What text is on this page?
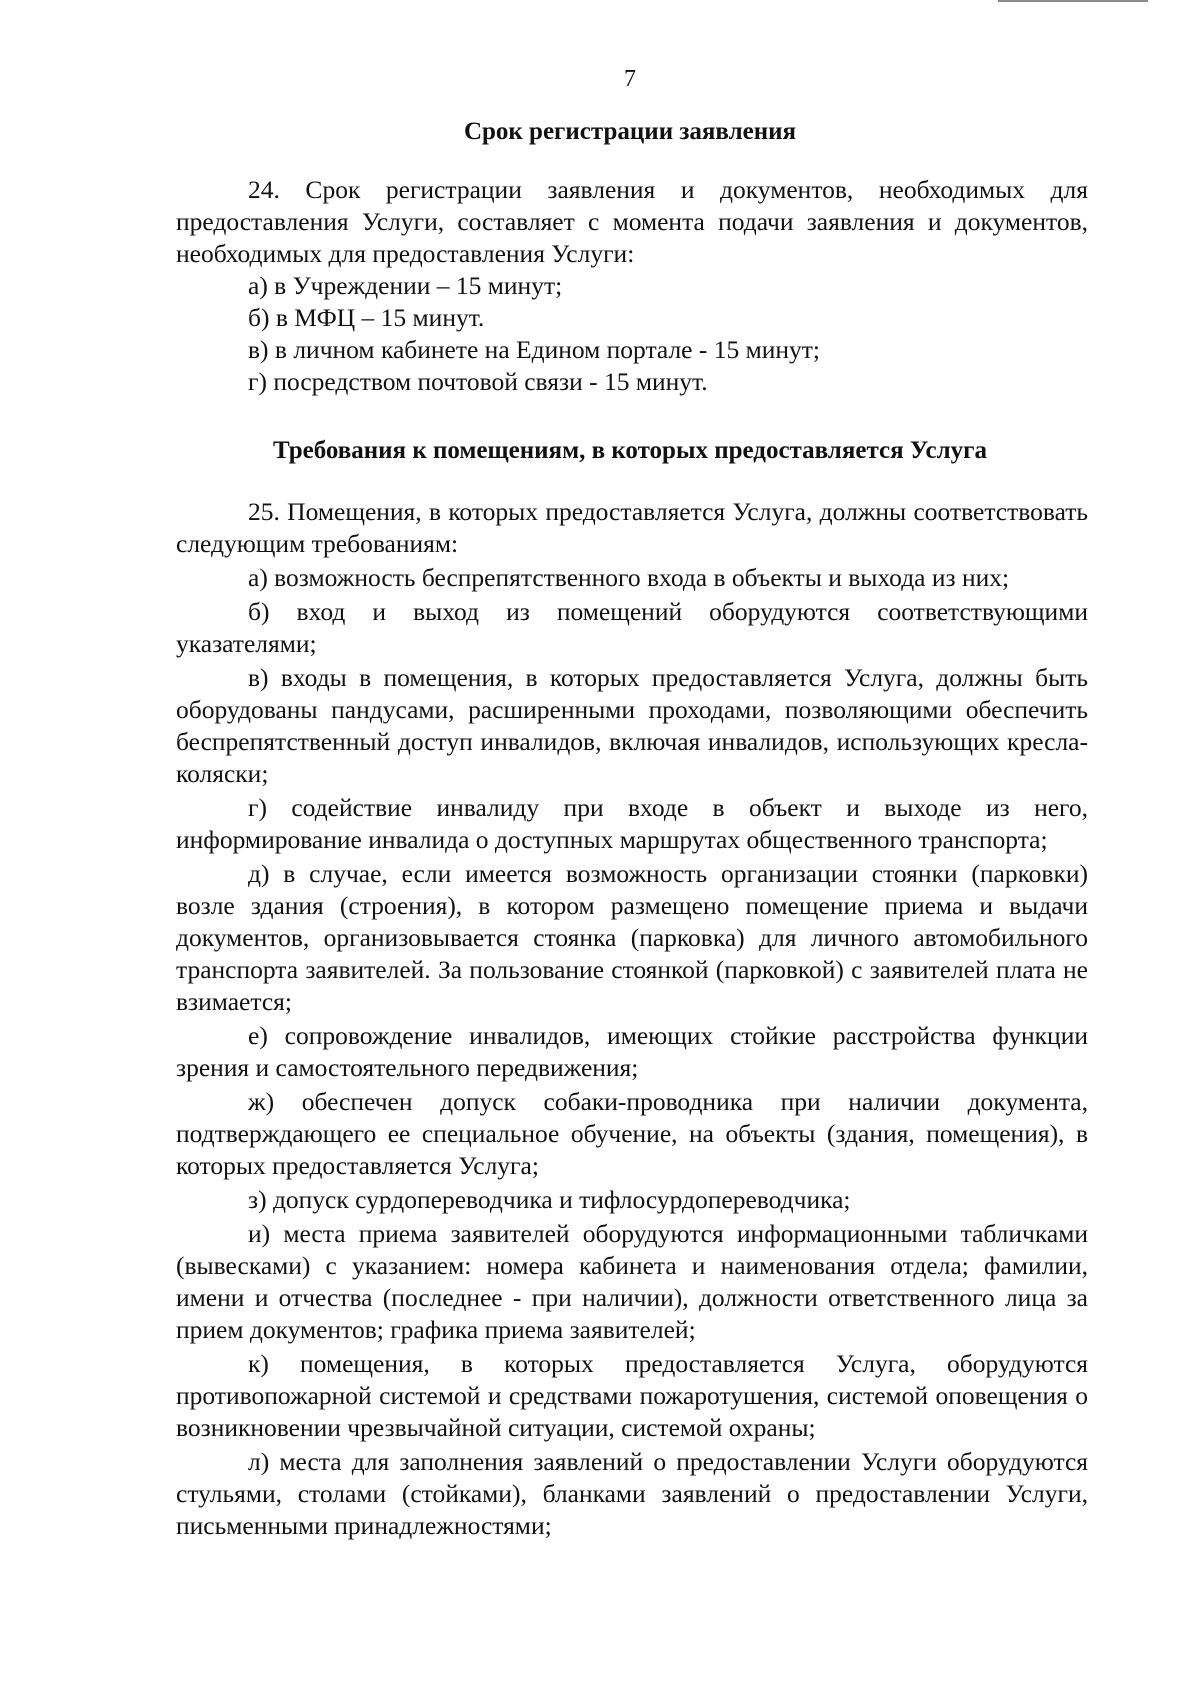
7
Срок регистрации заявления

24. Срок регистрации заявления и документов, необходимых для предоставления Услуги, составляет с момента подачи заявления и документов, необходимых для предоставления Услуги:

а) в Учреждении – 15 минут;

б) в МФЦ – 15 минут.

в) в личном кабинете на Едином портале - 15 минут;

г) посредством почтовой связи - 15 минут.

Требования к помещениям, в которых предоставляется Услуга

25. Помещения, в которых предоставляется Услуга, должны соответствовать следующим требованиям:

а) возможность беспрепятственного входа в объекты и выхода из них;

б) вход и выход из помещений оборудуются соответствующими указателями;

в) входы в помещения, в которых предоставляется Услуга, должны быть оборудованы пандусами, расширенными проходами, позволяющими обеспечить беспрепятственный доступ инвалидов, включая инвалидов, использующих кресла-коляски;

г) содействие инвалиду при входе в объект и выходе из него, информирование инвалида о доступных маршрутах общественного транспорта;

д) в случае, если имеется возможность организации стоянки (парковки) возле здания (строения), в котором размещено помещение приема и выдачи документов, организовывается стоянка (парковка) для личного автомобильного транспорта заявителей. За пользование стоянкой (парковкой) с заявителей плата не взимается;

е) сопровождение инвалидов, имеющих стойкие расстройства функции зрения и самостоятельного передвижения;

ж) обеспечен допуск собаки-проводника при наличии документа, подтверждающего ее специальное обучение, на объекты (здания, помещения), в которых предоставляется Услуга;

з) допуск сурдопереводчика и тифлосурдопереводчика;

и) места приема заявителей оборудуются информационными табличками (вывесками) с указанием: номера кабинета и наименования отдела; фамилии, имени и отчества (последнее - при наличии), должности ответственного лица за прием документов; графика приема заявителей;

к) помещения, в которых предоставляется Услуга, оборудуются противопожарной системой и средствами пожаротушения, системой оповещения о возникновении чрезвычайной ситуации, системой охраны;

л) места для заполнения заявлений о предоставлении Услуги оборудуются стульями, столами (стойками), бланками заявлений о предоставлении Услуги, письменными принадлежностями;
